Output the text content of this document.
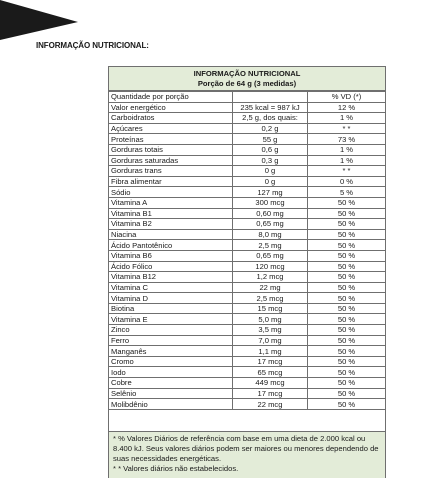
INFORMAÇÃO NUTRICIONAL:
INFORMAÇÃO NUTRICIONAL
Porção de 64 g (3 medidas)
Quantidade por porção		% VD (*)
Valor energético	235 kcal = 987 kJ	12 %
Carboidratos	2,5 g, dos quais:	1 %
Açúcares	0,2 g	* *
Proteínas	55 g	73 %
Gorduras totais	0,6 g	1 %
Gorduras saturadas	0,3 g	1 %
Gorduras trans	0 g	* *
Fibra alimentar	0 g	0 %
Sódio	127 mg	5 %
Vitamina A	300 mcg	50 %
Vitamina B1	0,60 mg	50 %
Vitamina B2	0,65 mg	50 %
Niacina	8,0 mg	50 %
Ácido Pantotênico	2,5 mg	50 %
Vitamina B6	0,65 mg	50 %
Ácido Fólico	120 mcg	50 %
Vitamina B12	1,2 mcg	50 %
Vitamina C	22 mg	50 %
Vitamina D	2,5 mcg	50 %
Biotina	15 mcg	50 %
Vitamina E	5,0 mg	50 %
Zinco	3,5 mg	50 %
Ferro	7,0 mg	50 %
Manganês	1,1 mg	50 %
Cromo	17 mcg	50 %
Iodo	65 mcg	50 %
Cobre	449 mcg	50 %
Selênio	17 mcg	50 %
Molibdênio	22 mcg	50 %
* % Valores Diários de referência com base em uma dieta de 2.000 kcal ou 8.400 kJ. Seus valores diários podem ser maiores ou menores dependendo de suas necessidades energéticas.
* * Valores diários não estabelecidos.
